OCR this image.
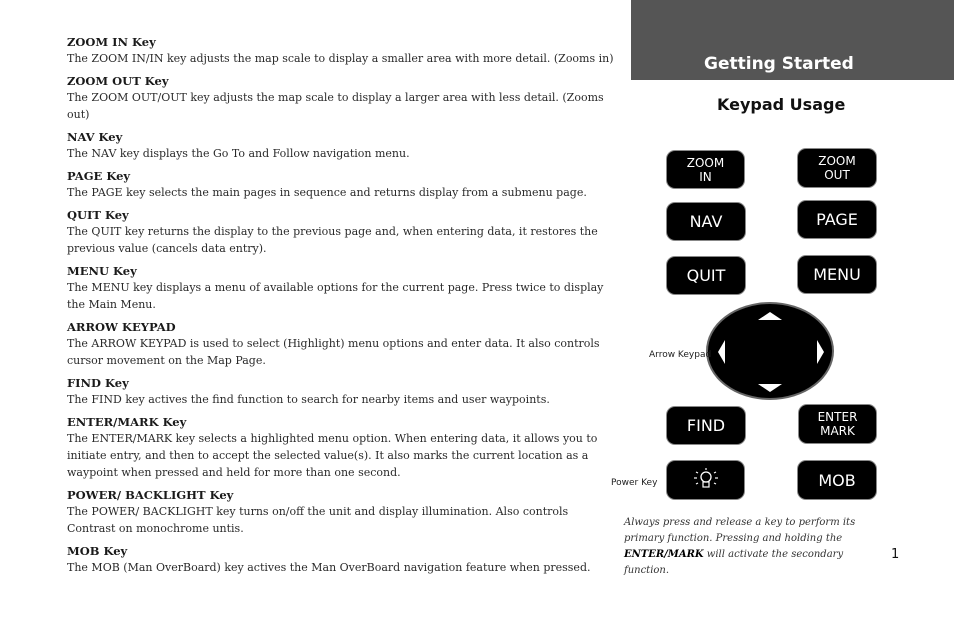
ZOOM IN Key

The ZOOM IN/IN key adjusts the map scale to display a smaller area with more detail. (Zooms in)

ZOOM OUT Key

The ZOOM OUT/OUT key adjusts the map scale to display a larger area with less detail. (Zooms out)

NAV Key

The NAV key displays the Go To and Follow navigation menu.

PAGE Key

The PAGE key selects the main pages in sequence and returns display from a submenu page.

QUIT Key

The QUIT key returns the display to the previous page and, when entering data, it restores the previous value (cancels data entry).

MENU Key

The MENU key displays a menu of available options for the current page. Press twice to display the Main Menu.

ARROW KEYPAD

The ARROW KEYPAD is used to select (Highlight) menu options and enter data. It also controls cursor movement on the Map Page.

FIND Key

The FIND key actives the find function to search for nearby items and user waypoints.

ENTER/MARK Key

The ENTER/MARK key selects a highlighted menu option. When entering data, it allows you to initiate entry, and then to accept the selected value(s). It also marks the current location as a waypoint when pressed and held for more than one second.

POWER/ BACKLIGHT Key

The POWER/ BACKLIGHT key turns on/off the unit and display illumination. Also controls Contrast on monochrome untis.

MOB Key

The MOB (Man OverBoard) key actives the Man OverBoard navigation feature when pressed.

Getting Started
Keypad Usage
ZOOM
IN
ZOOM
OUT
NAV	PAGE
QUIT	MENU
Arrow Keypad
FIND	ENTER
MARK
Power Key	MOB
Always press and release a key to perform its primary function. Pressing and holding the ENTER/MARK will activate the secondary function.
1
